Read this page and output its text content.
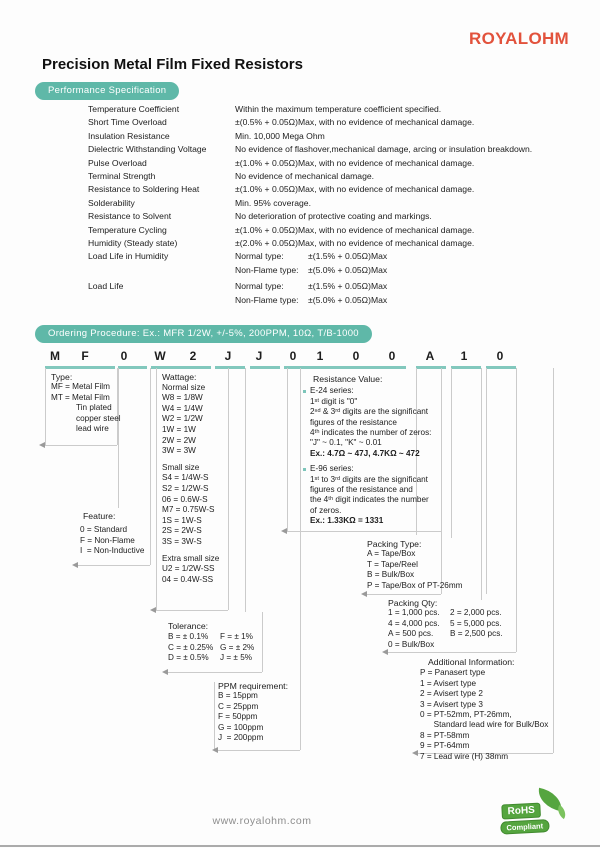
ROYALOHM
Precision Metal Film Fixed Resistors
Performance Specification
Temperature Coefficient	Within the maximum temperature coefficient specified.
Short Time Overload	±(0.5% + 0.05Ω)Max, with no evidence of mechanical damage.
Insulation Resistance	Min. 10,000 Mega Ohm
Dielectric Withstanding Voltage	No evidence of flashover,mechanical damage, arcing or insulation breakdown.
Pulse Overload	±(1.0% + 0.05Ω)Max, with no evidence of mechanical damage.
Terminal Strength	No evidence of mechanical damage.
Resistance to Soldering Heat	±(1.0% + 0.05Ω)Max, with no evidence of mechanical damage.
Solderability	Min. 95% coverage.
Resistance to Solvent	No deterioration of protective coating and markings.
Temperature Cycling	±(1.0% + 0.05Ω)Max, with no evidence of mechanical damage.
Humidity (Steady state)	±(2.0% + 0.05Ω)Max, with no evidence of mechanical damage.
Load Life in Humidity	Normal type:	±(1.5% + 0.05Ω)Max
Non-Flame type: ±(5.0% + 0.05Ω)Max
Load Life	Normal type:	±(1.5% + 0.05Ω)Max
Non-Flame type: ±(5.0% + 0.05Ω)Max
Ordering Procedure: Ex.: MFR 1/2W, +/-5%, 200PPM, 10Ω, T/B-1000
M F	0 W 2 J J 0 1 0 0	A 1 0
Type:
MF = Metal Film
MT = Metal Film
Tin plated
copper steel
lead wire
Wattage:
Normal size
W8 = 1/8W
W4 = 1/4W
W2 = 1/2W
1W = 1W
2W = 2W
3W = 3W
Small size
S4 = 1/4W-S
S2 = 1/2W-S
06 = 0.6W-S
M7 = 0.75W-S
1S = 1W-S
2S = 2W-S
3S = 3W-S
Extra small size
U2 = 1/2W-SS
04 = 0.4W-SS
Feature:
0 = Standard
F = Non-Flame
I  = Non-Inductive
Tolerance:
B = ± 0.1%	F = ± 1%
C = ± 0.25% G = ± 2%
D = ± 0.5%	J = ± 5%
PPM requirement:
B = 15ppm
C = 25ppm
F = 50ppm
G = 100ppm
J  = 200ppm
Resistance Value:
E-24 series:
1ˢᵗ digit is "0"
2ⁿᵈ & 3ʳᵈ digits are the significant
figures of the resistance
4ᵗʰ indicates the number of zeros:
"J" ~ 0.1, "K" ~ 0.01
Ex.: 4.7Ω ~ 47J, 4.7KΩ ~ 472
E-96 series:
1ˢᵗ to 3ʳᵈ digits are the significant
figures of the resistance and
the 4ᵗʰ digit indicates the number
of zeros.
Ex.: 1.33KΩ = 1331
Packing Type:
A = Tape/Box
T = Tape/Reel
B = Bulk/Box
P = Tape/Box of PT-26mm
Packing Qty:
1 = 1,000 pcs.	2 = 2,000 pcs.
4 = 4,000 pcs.	5 = 5,000 pcs.
A = 500 pcs.	B = 2,500 pcs.
0 = Bulk/Box
Additional Information:
P = Panasert type
1 = Avisert type
2 = Avisert type 2
3 = Avisert type 3
0 = PT-52mm, PT-26mm,
Standard lead wire for Bulk/Box
8 = PT-58mm
9 = PT-64mm
7 = Lead wire (H) 38mm
www.royalohm.com
RoHS
Compliant
